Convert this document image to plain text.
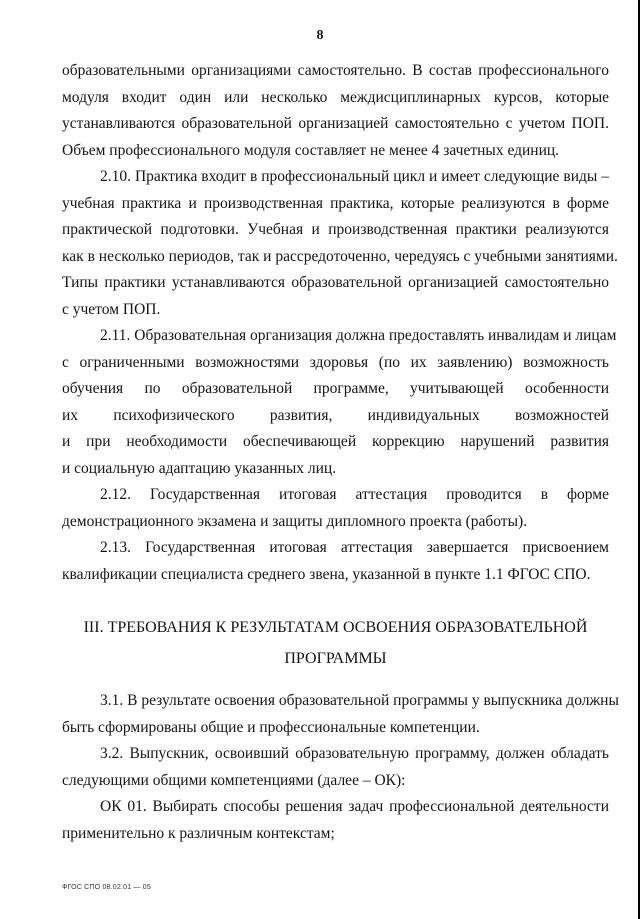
8
образовательными организациями самостоятельно. В состав профессионального
модуля входит один или несколько междисциплинарных курсов, которые
устанавливаются образовательной организацией самостоятельно с учетом ПОП.
Объем профессионального модуля составляет не менее 4 зачетных единиц.
2.10. Практика входит в профессиональный цикл и имеет следующие виды –
учебная практика и производственная практика, которые реализуются в форме
практической подготовки. Учебная и производственная практики реализуются
как в несколько периодов, так и рассредоточенно, чередуясь с учебными занятиями.
Типы практики устанавливаются образовательной организацией самостоятельно
с учетом ПОП.
2.11. Образовательная организация должна предоставлять инвалидам и лицам
с ограниченными возможностями здоровья (по их заявлению) возможность
обучения по образовательной программе, учитывающей особенности
их психофизического развития, индивидуальных возможностей
и при необходимости обеспечивающей коррекцию нарушений развития
и социальную адаптацию указанных лиц.
2.12. Государственная итоговая аттестация проводится в форме
демонстрационного экзамена и защиты дипломного проекта (работы).
2.13. Государственная итоговая аттестация завершается присвоением
квалификации специалиста среднего звена, указанной в пункте 1.1 ФГОС СПО.
III. ТРЕБОВАНИЯ К РЕЗУЛЬТАТАМ ОСВОЕНИЯ ОБРАЗОВАТЕЛЬНОЙ
ПРОГРАММЫ
3.1. В результате освоения образовательной программы у выпускника должны
быть сформированы общие и профессиональные компетенции.
3.2. Выпускник, освоивший образовательную программу, должен обладать
следующими общими компетенциями (далее – ОК):
ОК 01. Выбирать способы решения задач профессиональной деятельности
применительно к различным контекстам;
ФГОС СПО 08.02.01 — 05
